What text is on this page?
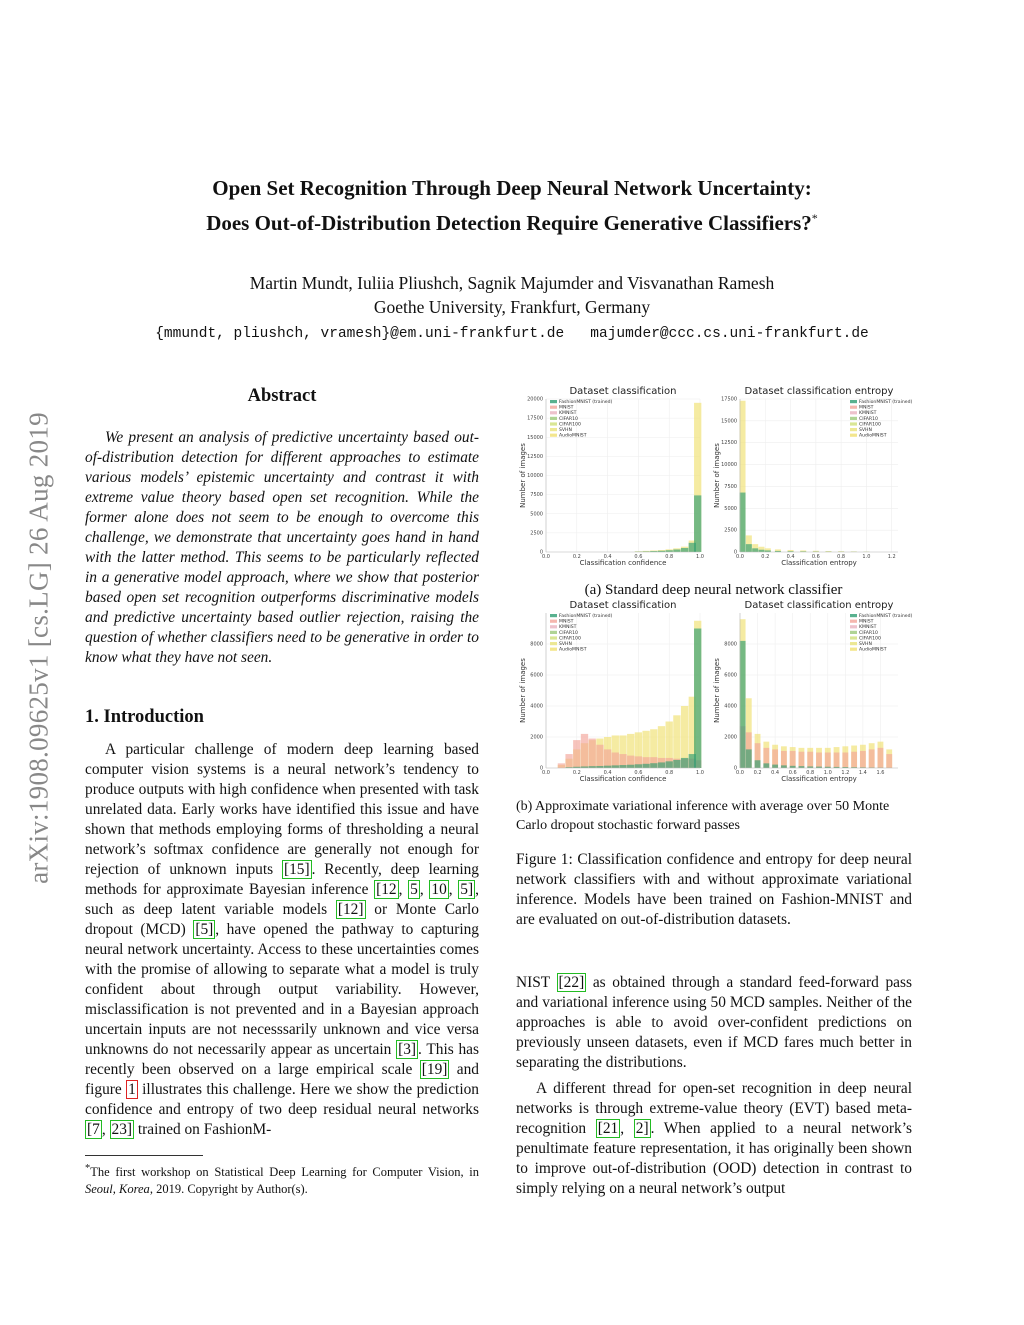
arXiv:1908.09625v1 [cs.LG] 26 Aug 2019
Open Set Recognition Through Deep Neural Network Uncertainty:
Does Out-of-Distribution Detection Require Generative Classifiers?*
Martin Mundt, Iuliia Pliushch, Sagnik Majumder and Visvanathan Ramesh
Goethe University, Frankfurt, Germany
{mmundt, pliushch, vramesh}@em.uni-frankfurt.de   majumder@ccc.cs.uni-frankfurt.de
Abstract

We present an analysis of predictive uncertainty based out-of-distribution detection for different approaches to estimate various models’ epistemic uncertainty and contrast it with extreme value theory based open set recognition. While the former alone does not seem to be enough to overcome this challenge, we demonstrate that uncertainty goes hand in hand with the latter method. This seems to be particularly reflected in a generative model approach, where we show that posterior based open set recognition outperforms discriminative models and predictive uncertainty based outlier rejection, raising the question of whether classifiers need to be generative in order to know what they have not seen.

1. Introduction

A particular challenge of modern deep learning based computer vision systems is a neural network’s tendency to produce outputs with high confidence when presented with task unrelated data. Early works have identified this issue and have shown that methods employing forms of thresholding a neural network’s softmax confidence are generally not enough for rejection of unknown inputs [15] . Recently, deep learning methods for approximate Bayesian inference [12 , 5 , 10 , 5] , such as deep latent variable models [12] or Monte Carlo dropout (MCD) [5] , have opened the pathway to capturing neural network uncertainty. Access to these uncertainties comes with the promise of allowing to separate what a model is truly confident about through output variability. However, misclassification is not prevented and in a Bayesian approach uncertain inputs are not necesssarily unknown and vice versa unknowns do not necessarily appear as uncertain [3] . This has recently been observed on a large empirical scale [19] and figure 1 illustrates this challenge. Here we show the prediction confidence and entropy of two deep residual neural networks [7 , 23] trained on FashionM-

*The first workshop on Statistical Deep Learning for Computer Vision, in Seoul, Korea, 2019. Copyright by Author(s).
Dataset classification
0
2500
5000
7500
10000
12500
15000
17500
20000
0.0	0.2	0.4	0.6	0.8	1.0
Classification confidence
Number of images
FashionMNIST (trained)
MNIST
KMNIST
CIFAR10
CIFAR100
SVHN
AudioMNIST
Dataset classification entropy
0
2500
5000
7500
10000
12500
15000
17500
0.0	0.2	0.4	0.6	0.8	1.0	1.2
Classification entropy
Number of images
FashionMNIST (trained)
MNIST
KMNIST
CIFAR10
CIFAR100
SVHN
AudioMNIST
(a) Standard deep neural network classifier
Dataset classification
0
2000
4000
6000
8000
0.0	0.2	0.4	0.6	0.8	1.0
Classification confidence
Number of images
FashionMNIST (trained)
MNIST
KMNIST
CIFAR10
CIFAR100
SVHN
AudioMNIST
Dataset classification entropy
0
2000
4000
6000
8000
0.0 0.2 0.4 0.6 0.8 1.0 1.2 1.4 1.6
Classification entropy
Number of images
FashionMNIST (trained)
MNIST
KMNIST
CIFAR10
CIFAR100
SVHN
AudioMNIST
(b) Approximate variational inference with average over 50 Monte Carlo dropout stochastic forward passes

Figure 1: Classification confidence and entropy for deep neural network classifiers with and without approximate variational inference. Models have been trained on Fashion-MNIST and are evaluated on out-of-distribution datasets.

NIST [22] as obtained through a standard feed-forward pass and variational inference using 50 MCD samples. Neither of the approaches is able to avoid over-confident predictions on previously unseen datasets, even if MCD fares much better in separating the distributions.

A different thread for open-set recognition in deep neural networks is through extreme-value theory (EVT) based meta-recognition [21 , 2] . When applied to a neural network’s penultimate feature representation, it has originally been shown to improve out-of-distribution (OOD) detection in contrast to simply relying on a neural network’s output
